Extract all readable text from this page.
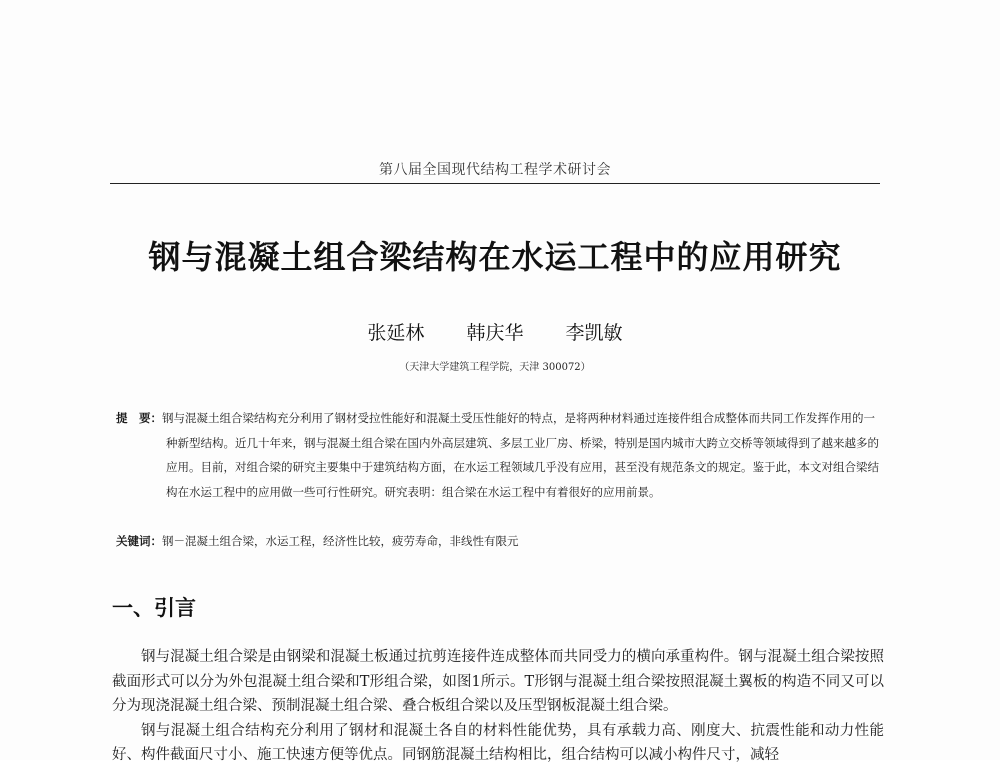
第八届全国现代结构工程学术研讨会
钢与混凝土组合梁结构在水运工程中的应用研究
张延林 韩庆华 李凯敏
（天津大学建筑工程学院，天津 300072）
提　要：钢与混凝土组合梁结构充分利用了钢材受拉性能好和混凝土受压性能好的特点，是将两种材料通过连接件组合成整体而共同工作发挥作用的一种新型结构。近几十年来，钢与混凝土组合梁在国内外高层建筑、多层工业厂房、桥梁，特别是国内城市大跨立交桥等领域得到了越来越多的应用。目前，对组合梁的研究主要集中于建筑结构方面，在水运工程领域几乎没有应用，甚至没有规范条文的规定。鉴于此，本文对组合梁结构在水运工程中的应用做一些可行性研究。研究表明：组合梁在水运工程中有着很好的应用前景。
关键词：钢－混凝土组合梁，水运工程，经济性比较，疲劳寿命，非线性有限元
一、引言

钢与混凝土组合梁是由钢梁和混凝土板通过抗剪连接件连成整体而共同受力的横向承重构件。钢与混凝土组合梁按照截面形式可以分为外包混凝土组合梁和T形组合梁，如图1所示。T形钢与混凝土组合梁按照混凝土翼板的构造不同又可以分为现浇混凝土组合梁、预制混凝土组合梁、叠合板组合梁以及压型钢板混凝土组合梁。

钢与混凝土组合结构充分利用了钢材和混凝土各自的材料性能优势，具有承载力高、刚度大、抗震性能和动力性能好、构件截面尺寸小、施工快速方便等优点。同钢筋混凝土结构相比，组合结构可以减小构件尺寸，减轻
